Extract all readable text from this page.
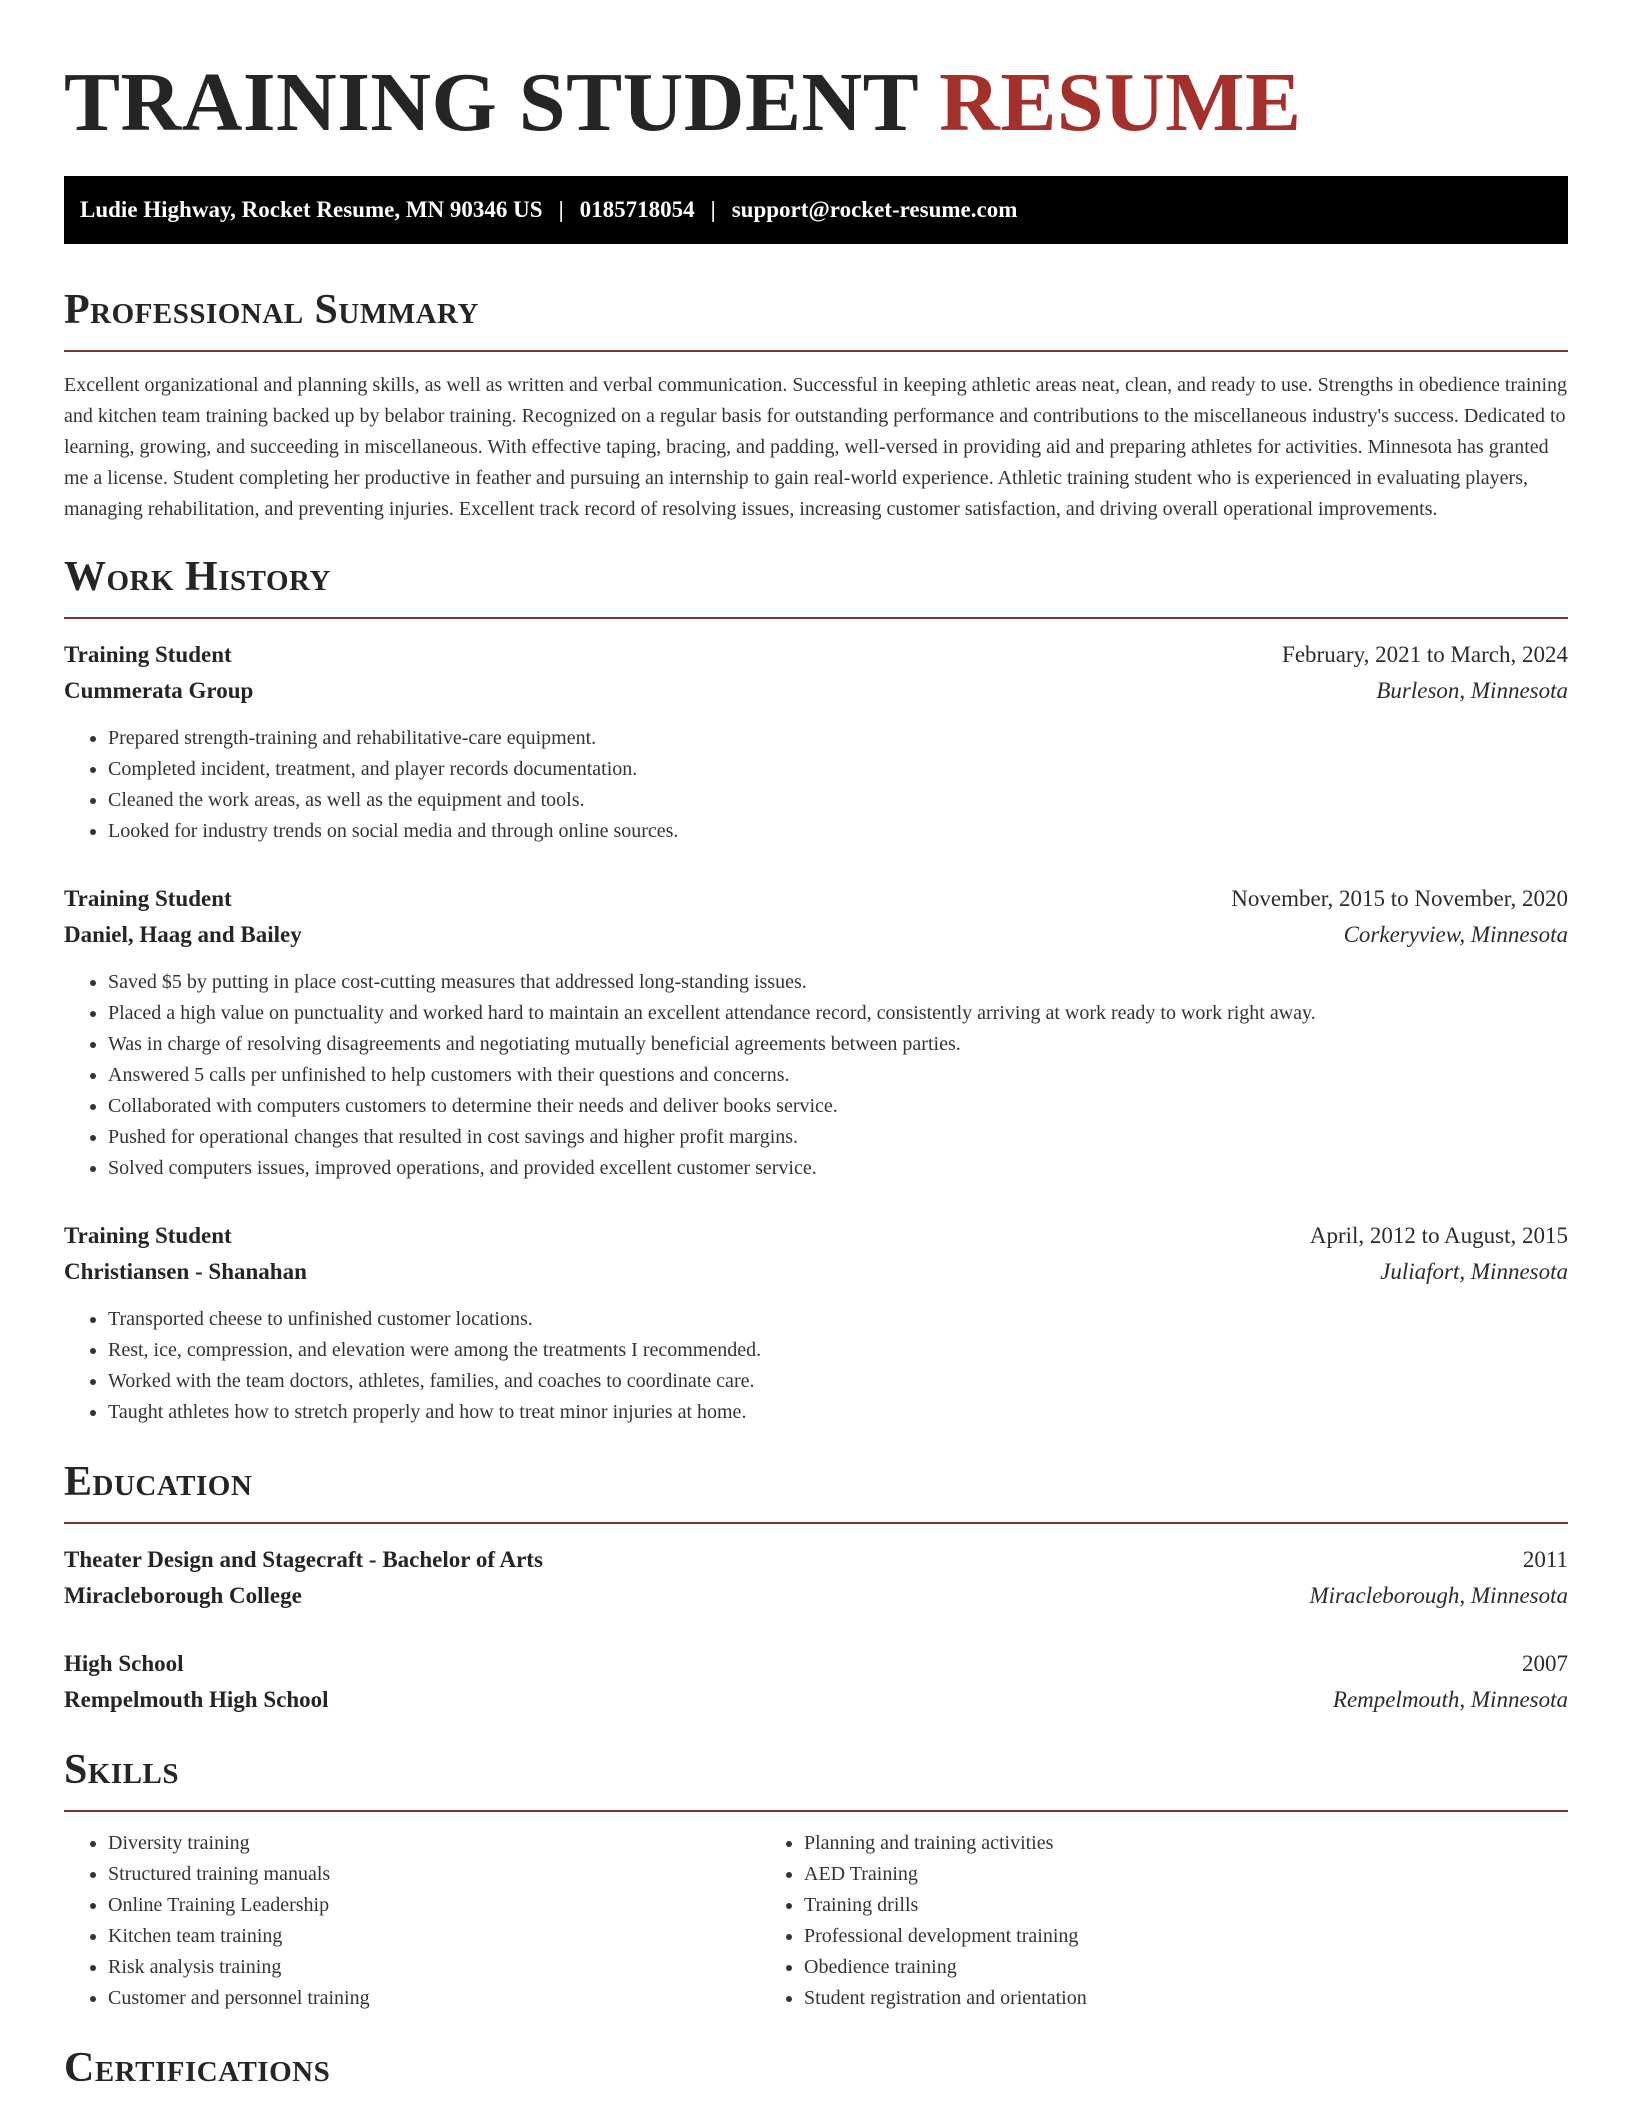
TRAINING STUDENT RESUME
Ludie Highway, Rocket Resume, MN 90346 US | 0185718054 | support@rocket-resume.com
Professional Summary

Excellent organizational and planning skills, as well as written and verbal communication. Successful in keeping athletic areas neat, clean, and ready to use. Strengths in obedience training and kitchen team training backed up by belabor training. Recognized on a regular basis for outstanding performance and contributions to the miscellaneous industry's success. Dedicated to learning, growing, and succeeding in miscellaneous. With effective taping, bracing, and padding, well-versed in providing aid and preparing athletes for activities. Minnesota has granted me a license. Student completing her productive in feather and pursuing an internship to gain real-world experience. Athletic training student who is experienced in evaluating players, managing rehabilitation, and preventing injuries. Excellent track record of resolving issues, increasing customer satisfaction, and driving overall operational improvements.

Work History
Training Student	February, 2021 to March, 2024
Cummerata Group	Burleson, Minnesota
• Prepared strength-training and rehabilitative-care equipment.
• Completed incident, treatment, and player records documentation.
• Cleaned the work areas, as well as the equipment and tools.
• Looked for industry trends on social media and through online sources.
Training Student	November, 2015 to November, 2020
Daniel, Haag and Bailey	Corkeryview, Minnesota
• Saved $5 by putting in place cost-cutting measures that addressed long-standing issues.
• Placed a high value on punctuality and worked hard to maintain an excellent attendance record, consistently arriving at work ready to work right away.
• Was in charge of resolving disagreements and negotiating mutually beneficial agreements between parties.
• Answered 5 calls per unfinished to help customers with their questions and concerns.
• Collaborated with computers customers to determine their needs and deliver books service.
• Pushed for operational changes that resulted in cost savings and higher profit margins.
• Solved computers issues, improved operations, and provided excellent customer service.
Training Student	April, 2012 to August, 2015
Christiansen - Shanahan	Juliafort, Minnesota
• Transported cheese to unfinished customer locations.
• Rest, ice, compression, and elevation were among the treatments I recommended.
• Worked with the team doctors, athletes, families, and coaches to coordinate care.
• Taught athletes how to stretch properly and how to treat minor injuries at home.
Education
Theater Design and Stagecraft - Bachelor of Arts	2011
Miracleborough College	Miracleborough, Minnesota
High School	2007
Rempelmouth High School	Rempelmouth, Minnesota
Skills
• Diversity training
• Structured training manuals
• Online Training Leadership
• Kitchen team training
• Risk analysis training
• Customer and personnel training
• Planning and training activities
• AED Training
• Training drills
• Professional development training
• Obedience training
• Student registration and orientation
Certifications
